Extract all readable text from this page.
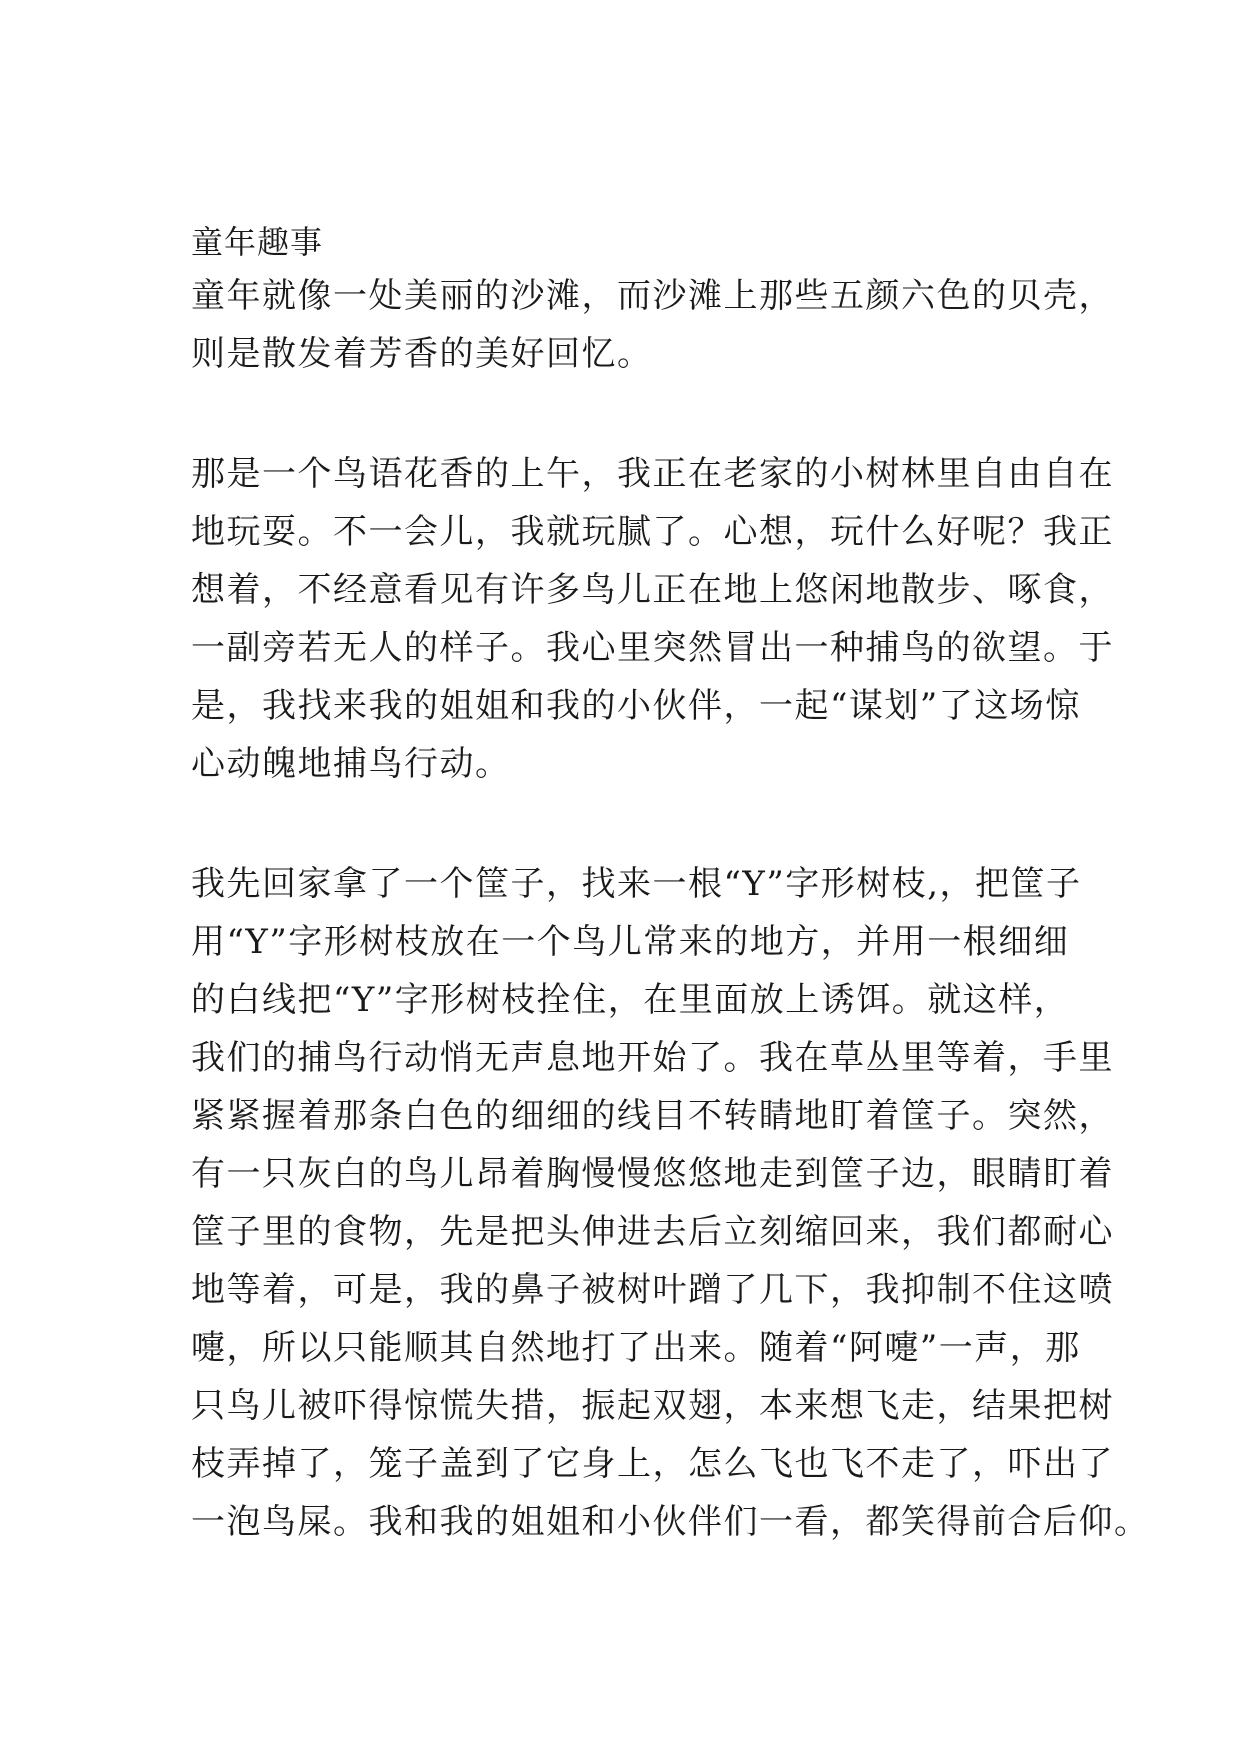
童年趣事
童年就像一处美丽的沙滩，而沙滩上那些五颜六色的贝壳，
则是散发着芳香的美好回忆。
那是一个鸟语花香的上午，我正在老家的小树林里自由自在
地玩耍。不一会儿，我就玩腻了。心想，玩什么好呢？我正
想着，不经意看见有许多鸟儿正在地上悠闲地散步、啄食，
一副旁若无人的样子。我心里突然冒出一种捕鸟的欲望。于
是，我找来我的姐姐和我的小伙伴，一起“谋划”了这场惊
心动魄地捕鸟行动。
我先回家拿了一个筐子，找来一根“Y”字形树枝,，把筐子
用“Y”字形树枝放在一个鸟儿常来的地方，并用一根细细
的白线把“Y”字形树枝拴住，在里面放上诱饵。就这样，
我们的捕鸟行动悄无声息地开始了。我在草丛里等着，手里
紧紧握着那条白色的细细的线目不转睛地盯着筐子。突然，
有一只灰白的鸟儿昂着胸慢慢悠悠地走到筐子边，眼睛盯着
筐子里的食物，先是把头伸进去后立刻缩回来，我们都耐心
地等着，可是，我的鼻子被树叶蹭了几下，我抑制不住这喷
嚏，所以只能顺其自然地打了出来。随着“阿嚏”一声，那
只鸟儿被吓得惊慌失措，振起双翅，本来想飞走，结果把树
枝弄掉了，笼子盖到了它身上，怎么飞也飞不走了，吓出了
一泡鸟屎。我和我的姐姐和小伙伴们一看，都笑得前合后仰。
